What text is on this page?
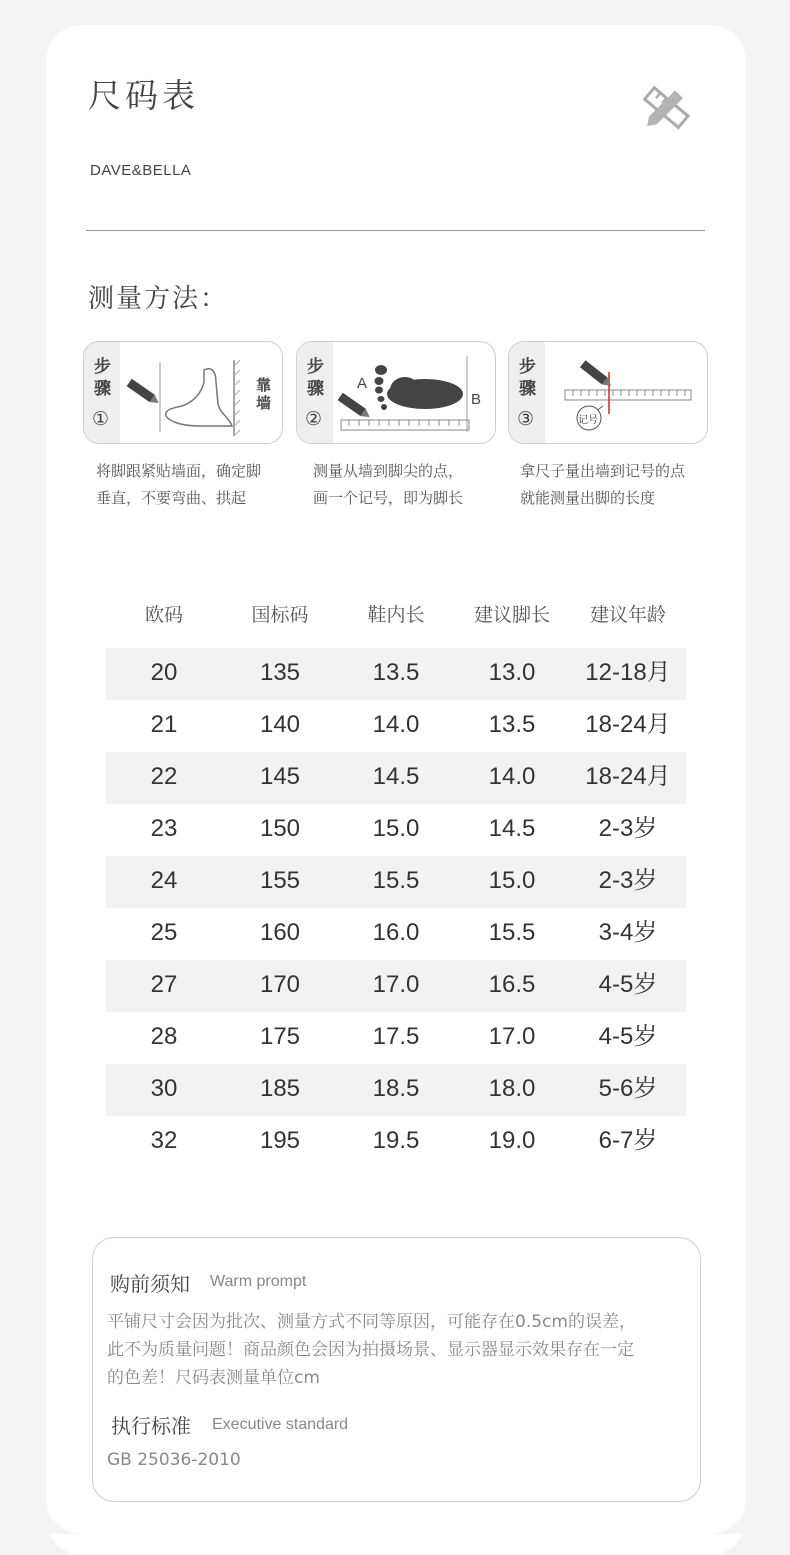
尺码表
DAVE&BELLA
测量方法：
步骤
①
靠墙
将脚跟紧贴墙面，确定脚
垂直，不要弯曲、拱起
步骤
②
A
B
测量从墙到脚尖的点，
画一个记号，即为脚长
步骤
③	记号
拿尺子量出墙到记号的点
就能测量出脚的长度
欧码	国标码	鞋内长	建议脚长	建议年龄
20	135	13.5	13.0	12-18月
21	140	14.0	13.5	18-24月
22	145	14.5	14.0	18-24月
23	150	15.0	14.5	2-3岁
24	155	15.5	15.0	2-3岁
25	160	16.0	15.5	3-4岁
27	170	17.0	16.5	4-5岁
28	175	17.5	17.0	4-5岁
30	185	18.5	18.0	5-6岁
32	195	19.5	19.0	6-7岁
购前须知 Warm prompt
平铺尺寸会因为批次、测量方式不同等原因，可能存在0.5cm的误差，
此不为质量问题！商品颜色会因为拍摄场景、显示器显示效果存在一定
的色差！尺码表测量单位cm
执行标准 Executive standard
GB 25036-2010
